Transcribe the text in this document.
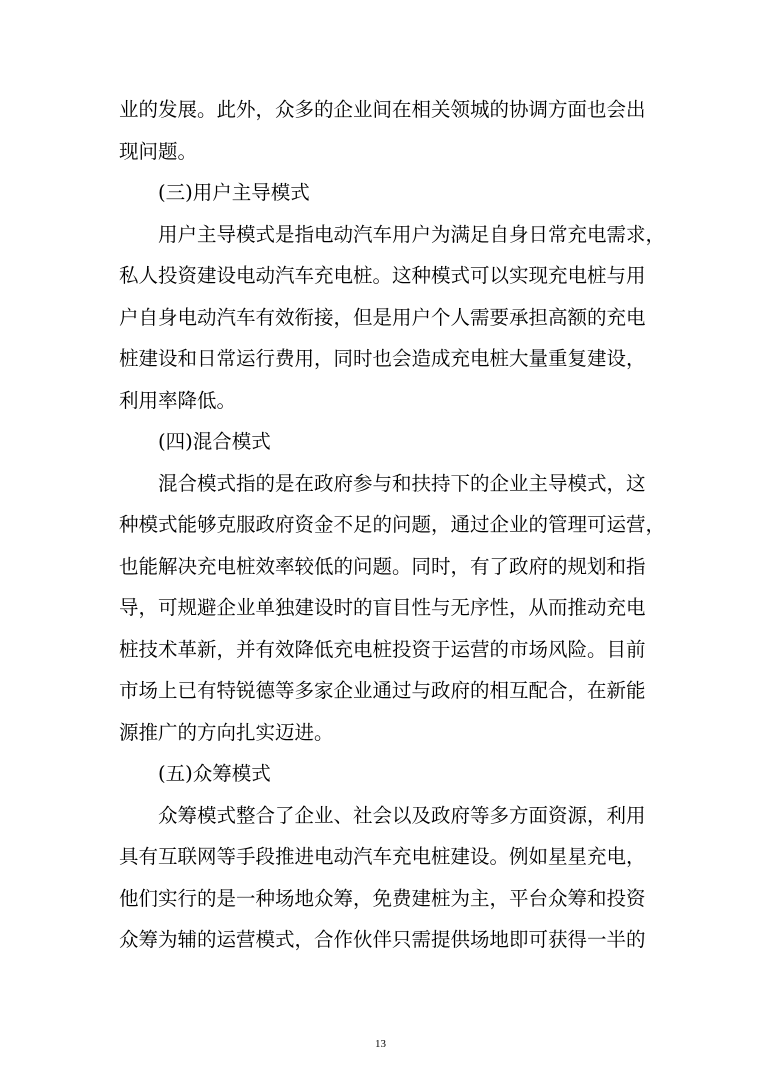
业的发展。此外，众多的企业间在相关领城的协调方面也会出
现问题。
(三)用户主导模式
用户主导模式是指电动汽车用户为满足自身日常充电需求，
私人投资建设电动汽车充电桩。这种模式可以实现充电桩与用
户自身电动汽车有效衔接，但是用户个人需要承担高额的充电
桩建设和日常运行费用，同时也会造成充电桩大量重复建设，
利用率降低。
(四)混合模式
混合模式指的是在政府参与和扶持下的企业主导模式，这
种模式能够克服政府资金不足的问题，通过企业的管理可运营，
也能解决充电桩效率较低的问题。同时，有了政府的规划和指
导，可规避企业单独建设时的盲目性与无序性，从而推动充电
桩技术革新，并有效降低充电桩投资于运营的市场风险。目前
市场上已有特锐德等多家企业通过与政府的相互配合，在新能
源推广的方向扎实迈进。
(五)众筹模式
众筹模式整合了企业、社会以及政府等多方面资源，利用
具有互联网等手段推进电动汽车充电桩建设。例如星星充电，
他们实行的是一种场地众筹，免费建桩为主，平台众筹和投资
众筹为辅的运营模式，合作伙伴只需提供场地即可获得一半的
13
